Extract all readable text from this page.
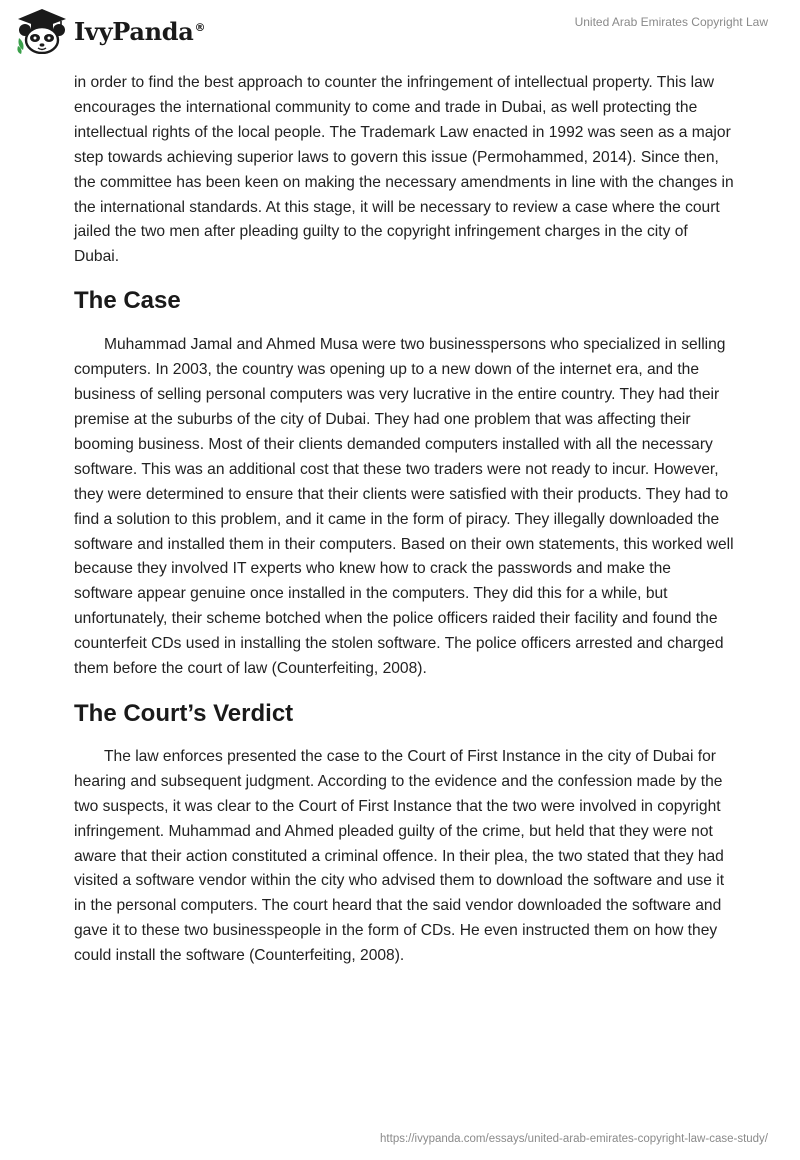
IvyPanda®	United Arab Emirates Copyright Law

in order to find the best approach to counter the infringement of intellectual property. This law encourages the international community to come and trade in Dubai, as well protecting the intellectual rights of the local people. The Trademark Law enacted in 1992 was seen as a major step towards achieving superior laws to govern this issue (Permohammed, 2014). Since then, the committee has been keen on making the necessary amendments in line with the changes in the international standards. At this stage, it will be necessary to review a case where the court jailed the two men after pleading guilty to the copyright infringement charges in the city of Dubai.

The Case

Muhammad Jamal and Ahmed Musa were two businesspersons who specialized in selling computers. In 2003, the country was opening up to a new down of the internet era, and the business of selling personal computers was very lucrative in the entire country. They had their premise at the suburbs of the city of Dubai. They had one problem that was affecting their booming business. Most of their clients demanded computers installed with all the necessary software. This was an additional cost that these two traders were not ready to incur. However, they were determined to ensure that their clients were satisfied with their products. They had to find a solution to this problem, and it came in the form of piracy. They illegally downloaded the software and installed them in their computers. Based on their own statements, this worked well because they involved IT experts who knew how to crack the passwords and make the software appear genuine once installed in the computers. They did this for a while, but unfortunately, their scheme botched when the police officers raided their facility and found the counterfeit CDs used in installing the stolen software. The police officers arrested and charged them before the court of law (Counterfeiting, 2008).

The Court’s Verdict

The law enforces presented the case to the Court of First Instance in the city of Dubai for hearing and subsequent judgment. According to the evidence and the confession made by the two suspects, it was clear to the Court of First Instance that the two were involved in copyright infringement. Muhammad and Ahmed pleaded guilty of the crime, but held that they were not aware that their action constituted a criminal offence. In their plea, the two stated that they had visited a software vendor within the city who advised them to download the software and use it in the personal computers. The court heard that the said vendor downloaded the software and gave it to these two businesspeople in the form of CDs. He even instructed them on how they could install the software (Counterfeiting, 2008).

https://ivypanda.com/essays/united-arab-emirates-copyright-law-case-study/
